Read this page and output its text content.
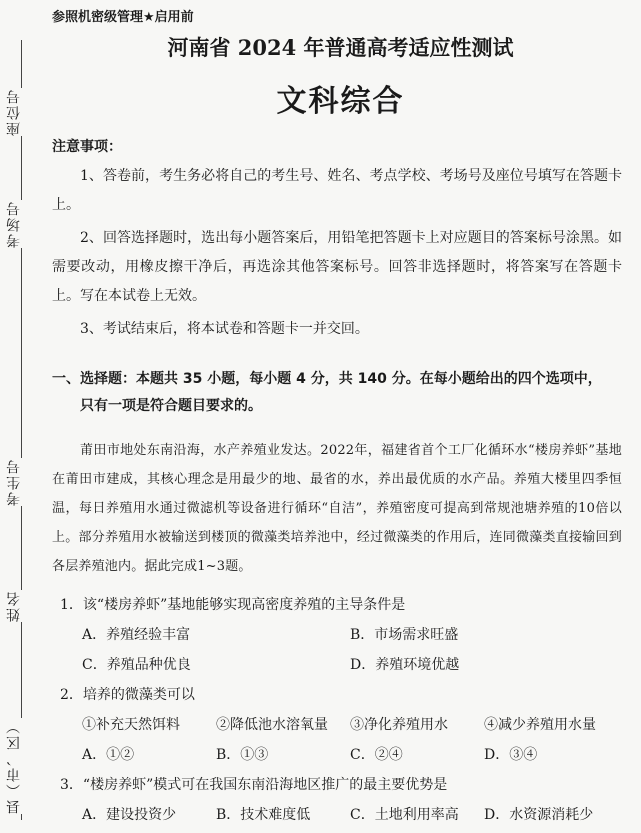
座位号
考场号
考生号
姓名
县（市、区）
参照机密级管理★启用前
河南省 2024 年普通高考适应性测试
文科综合
注意事项：

1、答卷前，考生务必将自己的考生号、姓名、考点学校、考场号及座位号填写在答题卡上。

2、回答选择题时，选出每小题答案后，用铅笔把答题卡上对应题目的答案标号涂黑。如需要改动，用橡皮擦干净后，再选涂其他答案标号。回答非选择题时，将答案写在答题卡上。写在本试卷上无效。

3、考试结束后，将本试卷和答题卡一并交回。

一、选择题：本题共 35 小题，每小题 4 分，共 140 分。在每小题给出的四个选项中，
只有一项是符合题目要求的。
莆田市地处东南沿海，水产养殖业发达。2022年，福建省首个工厂化循环水“楼房养虾”基地在莆田市建成，其核心理念是用最少的地、最省的水，养出最优质的水产品。养殖大楼里四季恒温，每日养殖用水通过微滤机等设备进行循环“自洁”，养殖密度可提高到常规池塘养殖的10倍以上。部分养殖用水被输送到楼顶的微藻类培养池中，经过微藻类的作用后，连同微藻类直接输回到各层养殖池内。据此完成1~3题。
1．该“楼房养虾”基地能够实现高密度养殖的主导条件是
A．养殖经验丰富	B．市场需求旺盛
C．养殖品种优良	D．养殖环境优越
2．培养的微藻类可以
①补充天然饵料	②降低池水溶氧量 ③净化养殖用水	④减少养殖用水量
A．①②	B．①③	C．②④	D．③④
3．“楼房养虾”模式可在我国东南沿海地区推广的最主要优势是
A．建设投资少	B．技术难度低	C．土地利用率高 D．水资源消耗少
